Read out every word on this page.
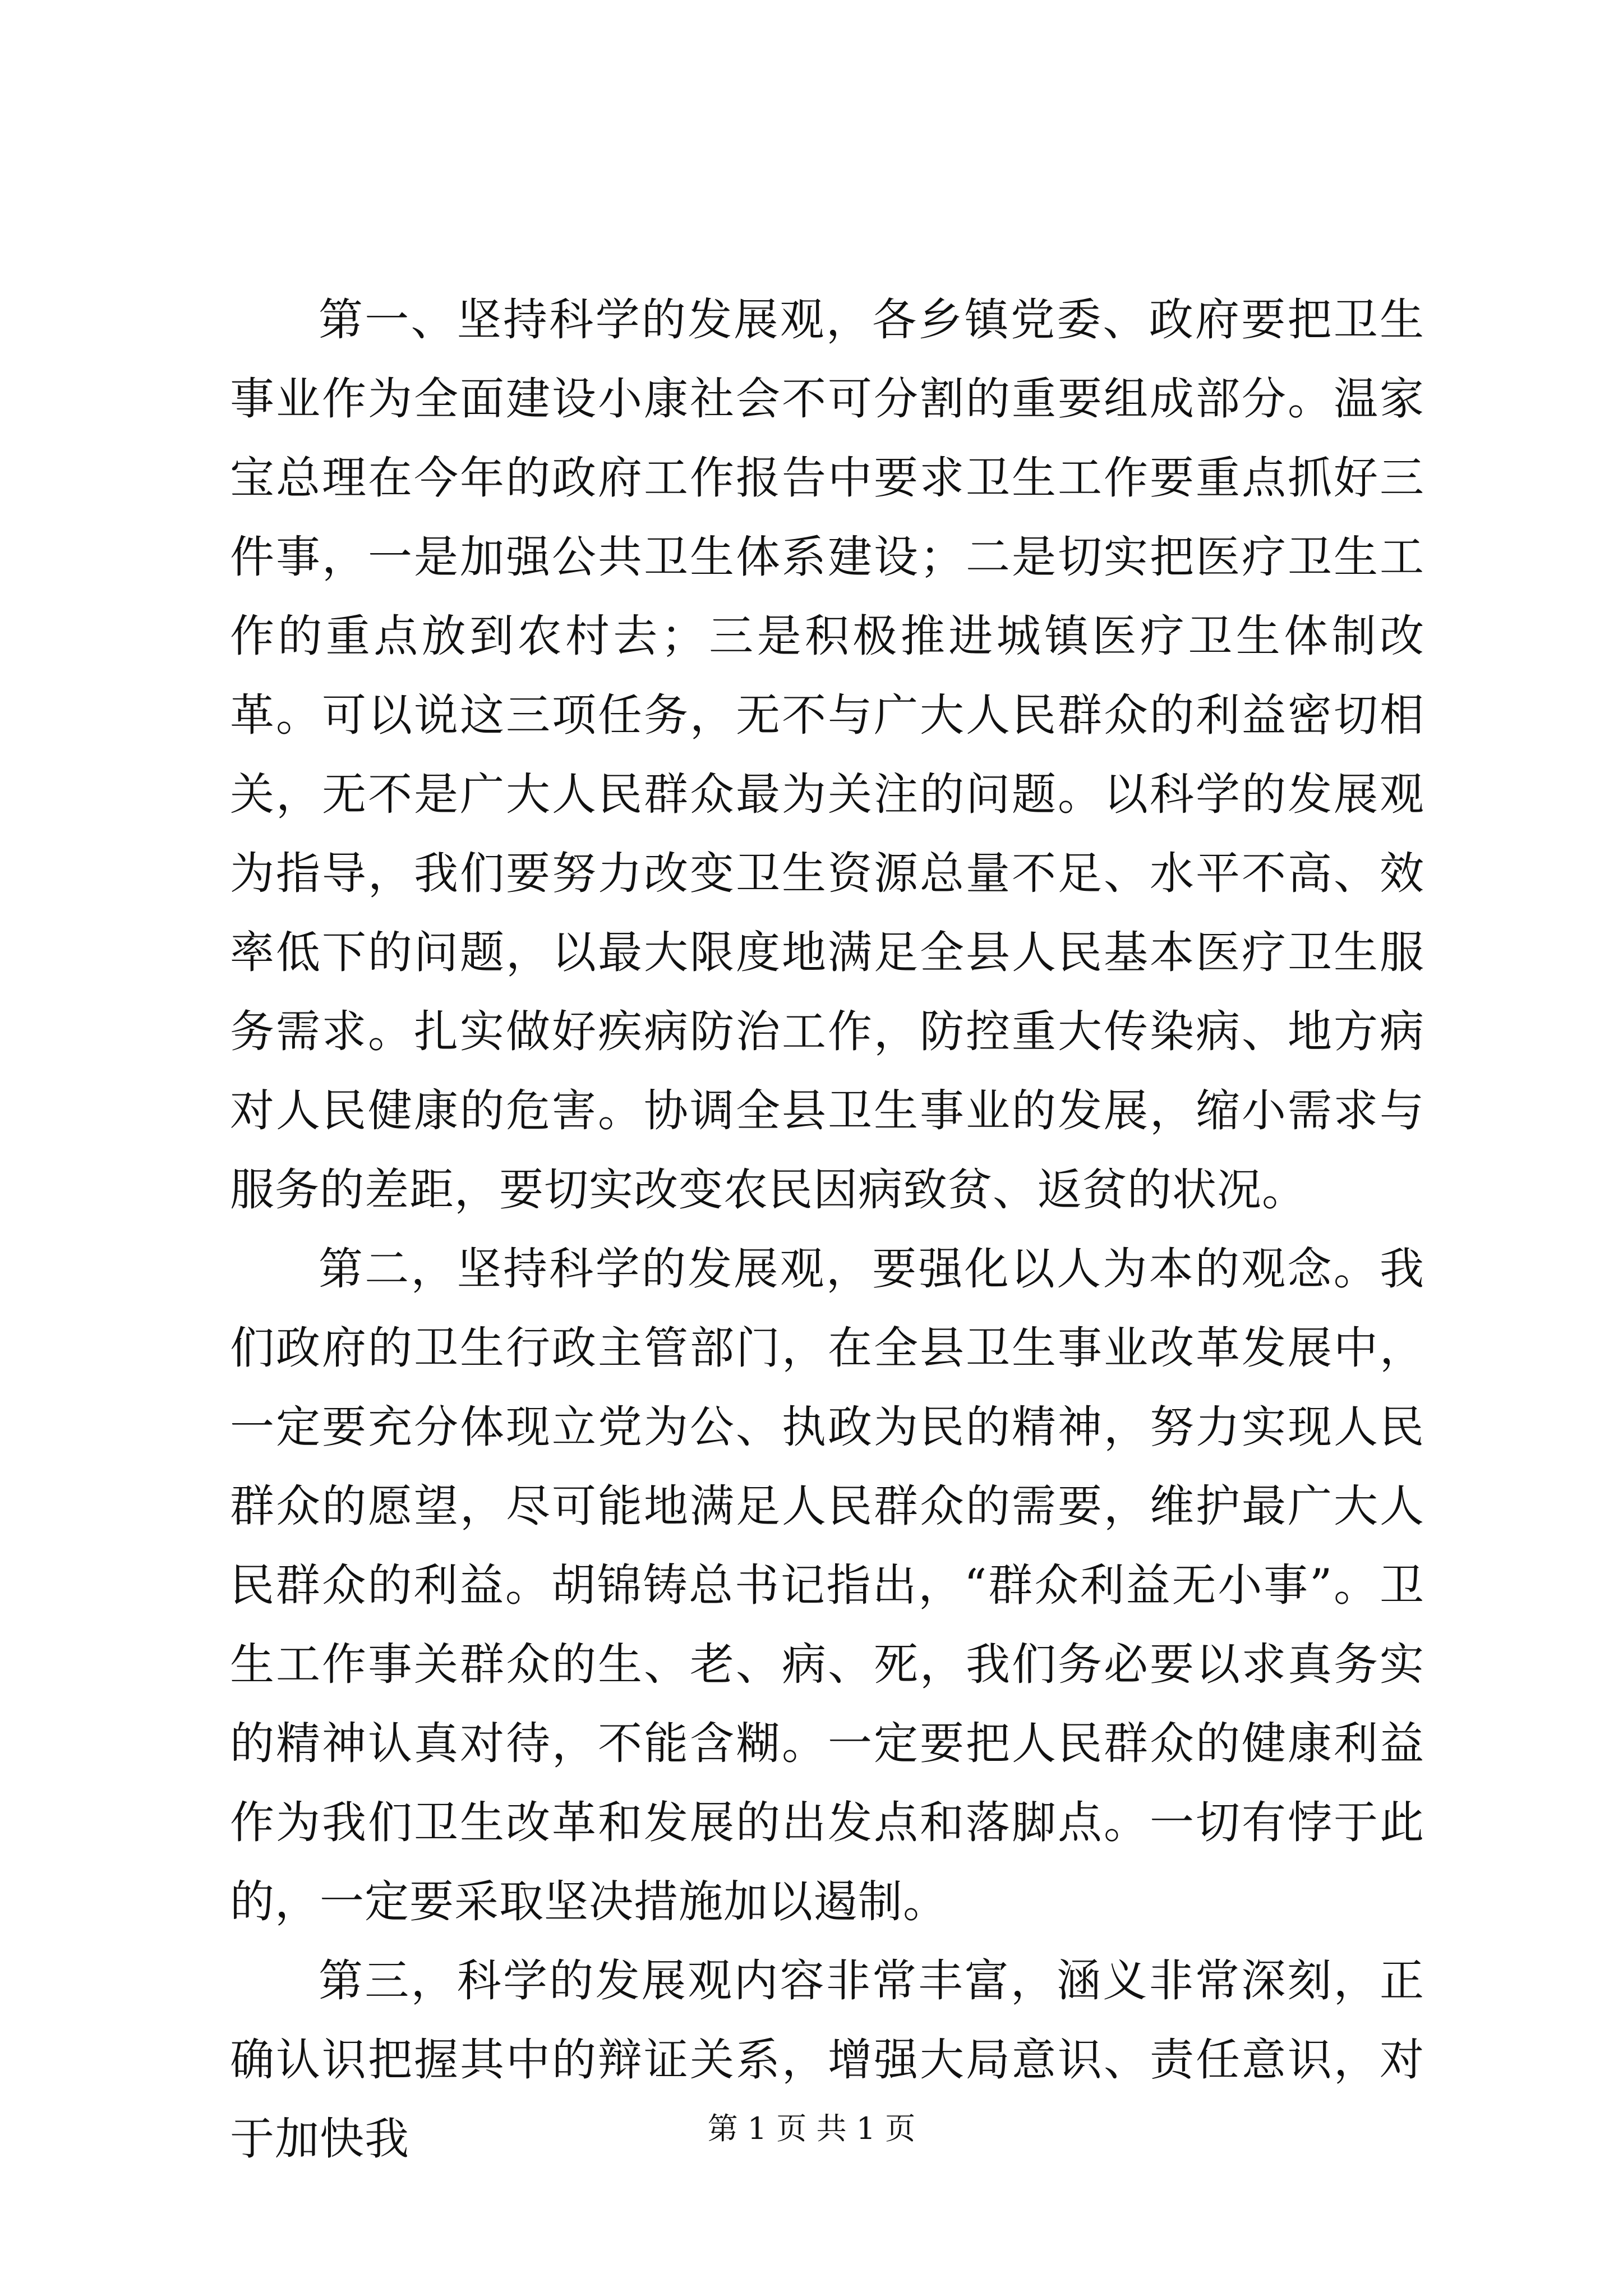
第一、坚持科学的发展观，各乡镇党委、政府要把卫生事业作为全面建设小康社会不可分割的重要组成部分。温家宝总理在今年的政府工作报告中要求卫生工作要重点抓好三件事，一是加强公共卫生体系建设；二是切实把医疗卫生工作的重点放到农村去；三是积极推进城镇医疗卫生体制改革。可以说这三项任务，无不与广大人民群众的利益密切相关，无不是广大人民群众最为关注的问题。以科学的发展观为指导，我们要努力改变卫生资源总量不足、水平不高、效率低下的问题，以最大限度地满足全县人民基本医疗卫生服务需求。扎实做好疾病防治工作，防控重大传染病、地方病对人民健康的危害。协调全县卫生事业的发展，缩小需求与服务的差距，要切实改变农民因病致贫、返贫的状况。

第二，坚持科学的发展观，要强化以人为本的观念。我们政府的卫生行政主管部门，在全县卫生事业改革发展中，一定要充分体现立党为公、执政为民的精神，努力实现人民群众的愿望，尽可能地满足人民群众的需要，维护最广大人民群众的利益。胡锦铸总书记指出，“群众利益无小事”。卫生工作事关群众的生、老、病、死，我们务必要以求真务实的精神认真对待，不能含糊。一定要把人民群众的健康利益作为我们卫生改革和发展的出发点和落脚点。一切有悖于此的，一定要采取坚决措施加以遏制。

第三，科学的发展观内容非常丰富，涵义非常深刻，正确认识把握其中的辩证关系，增强大局意识、责任意识，对于加快我	第 1 页 共 1 页
